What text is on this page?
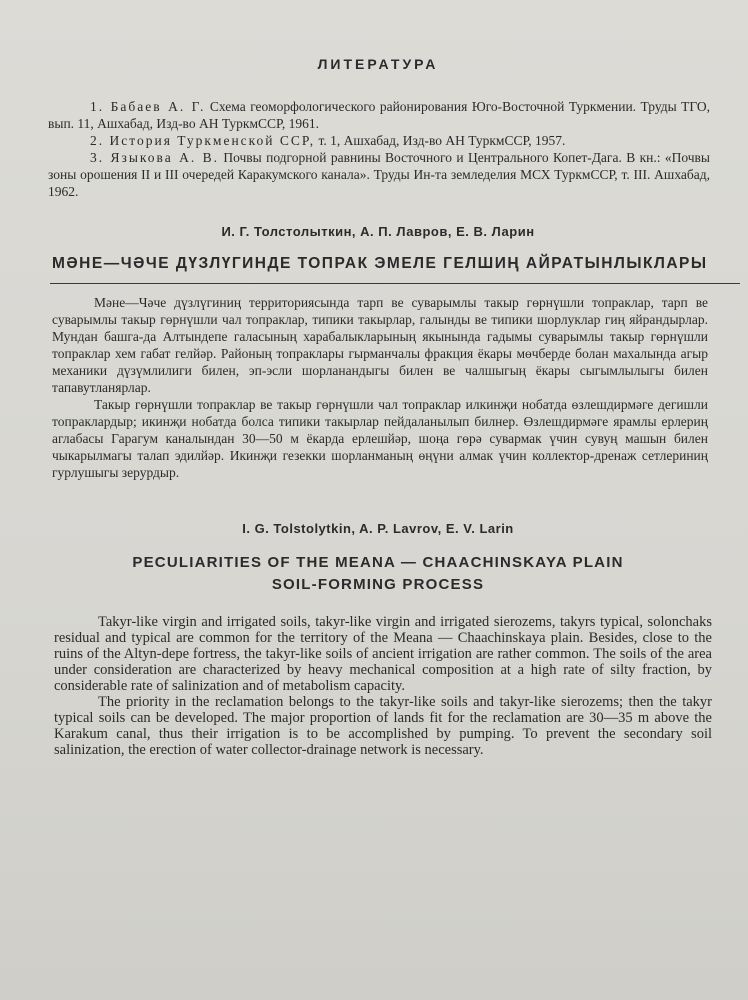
ЛИТЕРАТУРА

1. Бабаев А. Г. Схема геоморфологического районирования Юго-Восточной Туркмении. Труды ТГО, вып. 11, Ашхабад, Изд-во АН ТуркмССР, 1961.

2. История Туркменской ССР, т. 1, Ашхабад, Изд-во АН ТуркмССР, 1957.

3. Языкова А. В. Почвы подгорной равнины Восточного и Центрального Копет-Дага. В кн.: «Почвы зоны орошения II и III очередей Каракумского канала». Труды Ин-та земледелия МСХ ТуркмССР, т. III. Ашхабад, 1962.

И. Г. Толстолыткин, А. П. Лавров, Е. В. Ларин
МӘНЕ—ЧӘЧЕ ДҮЗЛҮГИНДЕ ТОПРАК ЭМЕЛЕ ГЕЛШИҢ АЙРАТЫНЛЫКЛАРЫ

Мәне—Чәче дүзлүгиниң территориясында тарп ве суварымлы такыр гөрнүшли топраклар, тарп ве суварымлы такыр гөрнүшли чал топраклар, типики такырлар, галынды ве типики шорлуклар гиң яйрандырлар. Мундан башга-да Алтындепе галасының харабалыкларының якынында гадымы суварымлы такыр гөрнүшли топраклар хем габат гелйәр. Районың топраклары гырманчалы фракция ёкары мөчберде болан махалында агыр механики дүзүмлилиги билен, эп-эсли шорланандыгы билен ве чалшыгың ёкары сыгымлылыгы билен тапавутланярлар.

Такыр гөрнүшли топраклар ве такыр гөрнүшли чал топраклар илкинҗи нобатда өзлешдирмәге дегишли топраклардыр; икинҗи нобатда болса типики такырлар пейдаланылып билнер. Өзлешдирмәге ярамлы ерлериң аглабасы Гарагум каналындан 30—50 м ёкарда ерлешйәр, шоңа гөрә сувармак үчин сувуң машын билен чыкарылмагы талап эдилйәр. Икинҗи гезекки шорланманың өңүни алмак үчин коллектор-дренаж сетлериниң гурлушыгы зерурдыр.

I. G. Tolstolytkin, A. P. Lavrov, E. V. Larin
PECULIARITIES OF THE MEANA — CHAACHINSKAYA PLAIN
SOIL-FORMING PROCESS

Takyr-like virgin and irrigated soils, takyr-like virgin and irrigated sierozems, takyrs typical, solonchaks residual and typical are common for the territory of the Meana — Chaachinskaya plain. Besides, close to the ruins of the Altyn-depe fortress, the takyr-like soils of ancient irrigation are rather common. The soils of the area under consideration are characterized by heavy mechanical composition at a high rate of silty fraction, by considerable rate of salinization and of metabolism capacity.

The priority in the reclamation belongs to the takyr-like soils and takyr-like sierozems; then the takyr typical soils can be developed. The major proportion of lands fit for the reclamation are 30—35 m above the Karakum canal, thus their irrigation is to be accomplished by pumping. To prevent the secondary soil salinization, the erection of water collector-drainage network is necessary.
